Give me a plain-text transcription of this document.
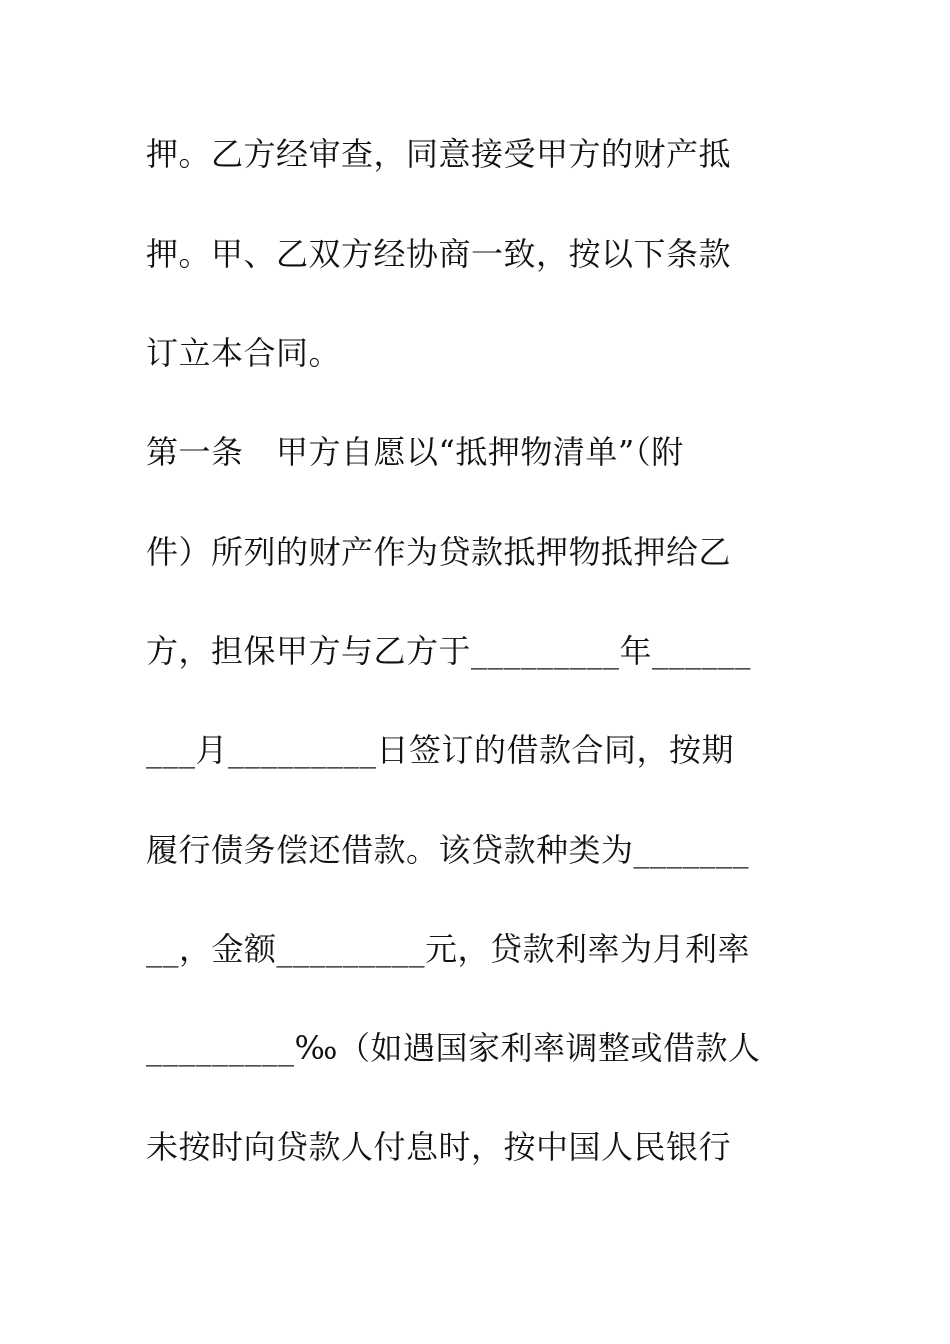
押。乙方经审查，同意接受甲方的财产抵
押。甲、乙双方经协商一致，按以下条款
订立本合同。
第一条　甲方自愿以“抵押物清单”（附
件）所列的财产作为贷款抵押物抵押给乙
方，担保甲方与乙方于_________年______
___月_________日签订的借款合同，按期
履行债务偿还借款。该贷款种类为_______
__，金额_________元，贷款利率为月利率
_________‰（如遇国家利率调整或借款人
未按时向贷款人付息时，按中国人民银行
